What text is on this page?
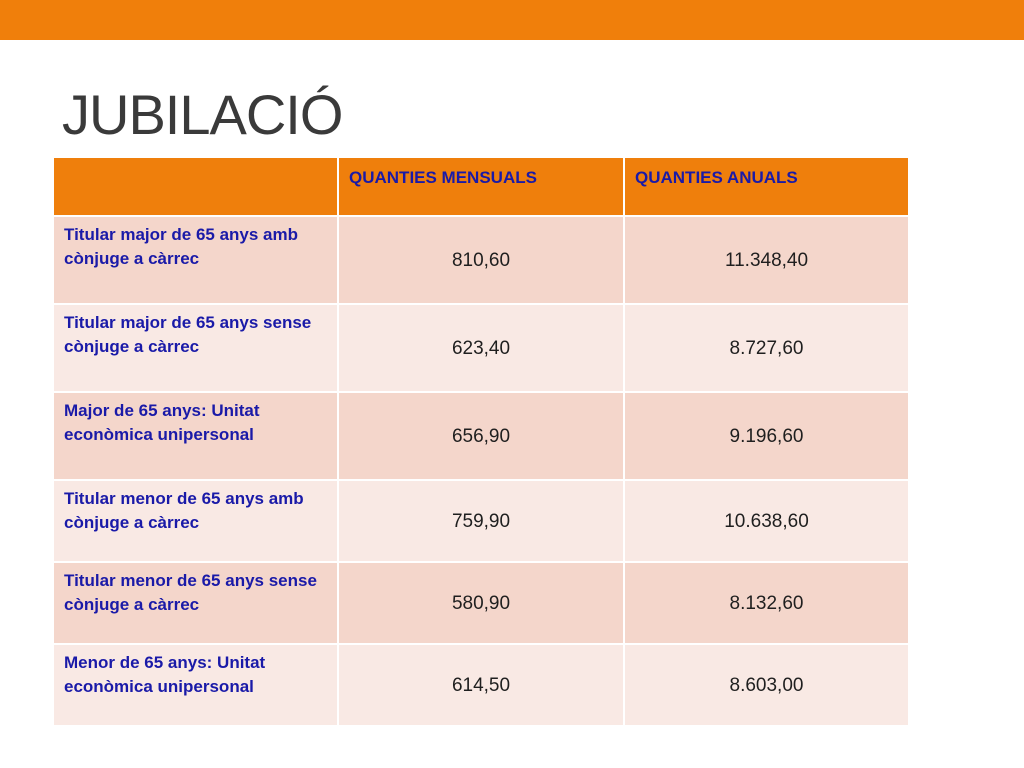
JUBILACIÓ

	QUANTIES MENSUALS	QUANTIES ANUALS

Titular major de 65 anys amb cònjuge a càrrec	810,60	11.348,40

Titular major de 65 anys sense cònjuge a càrrec	623,40	8.727,60

Major de 65 anys: Unitat econòmica unipersonal	656,90	9.196,60

Titular menor de 65 anys amb cònjuge a càrrec	759,90	10.638,60

Titular menor de 65 anys sense cònjuge a càrrec	580,90	8.132,60

Menor de 65 anys: Unitat econòmica unipersonal	614,50	8.603,00
